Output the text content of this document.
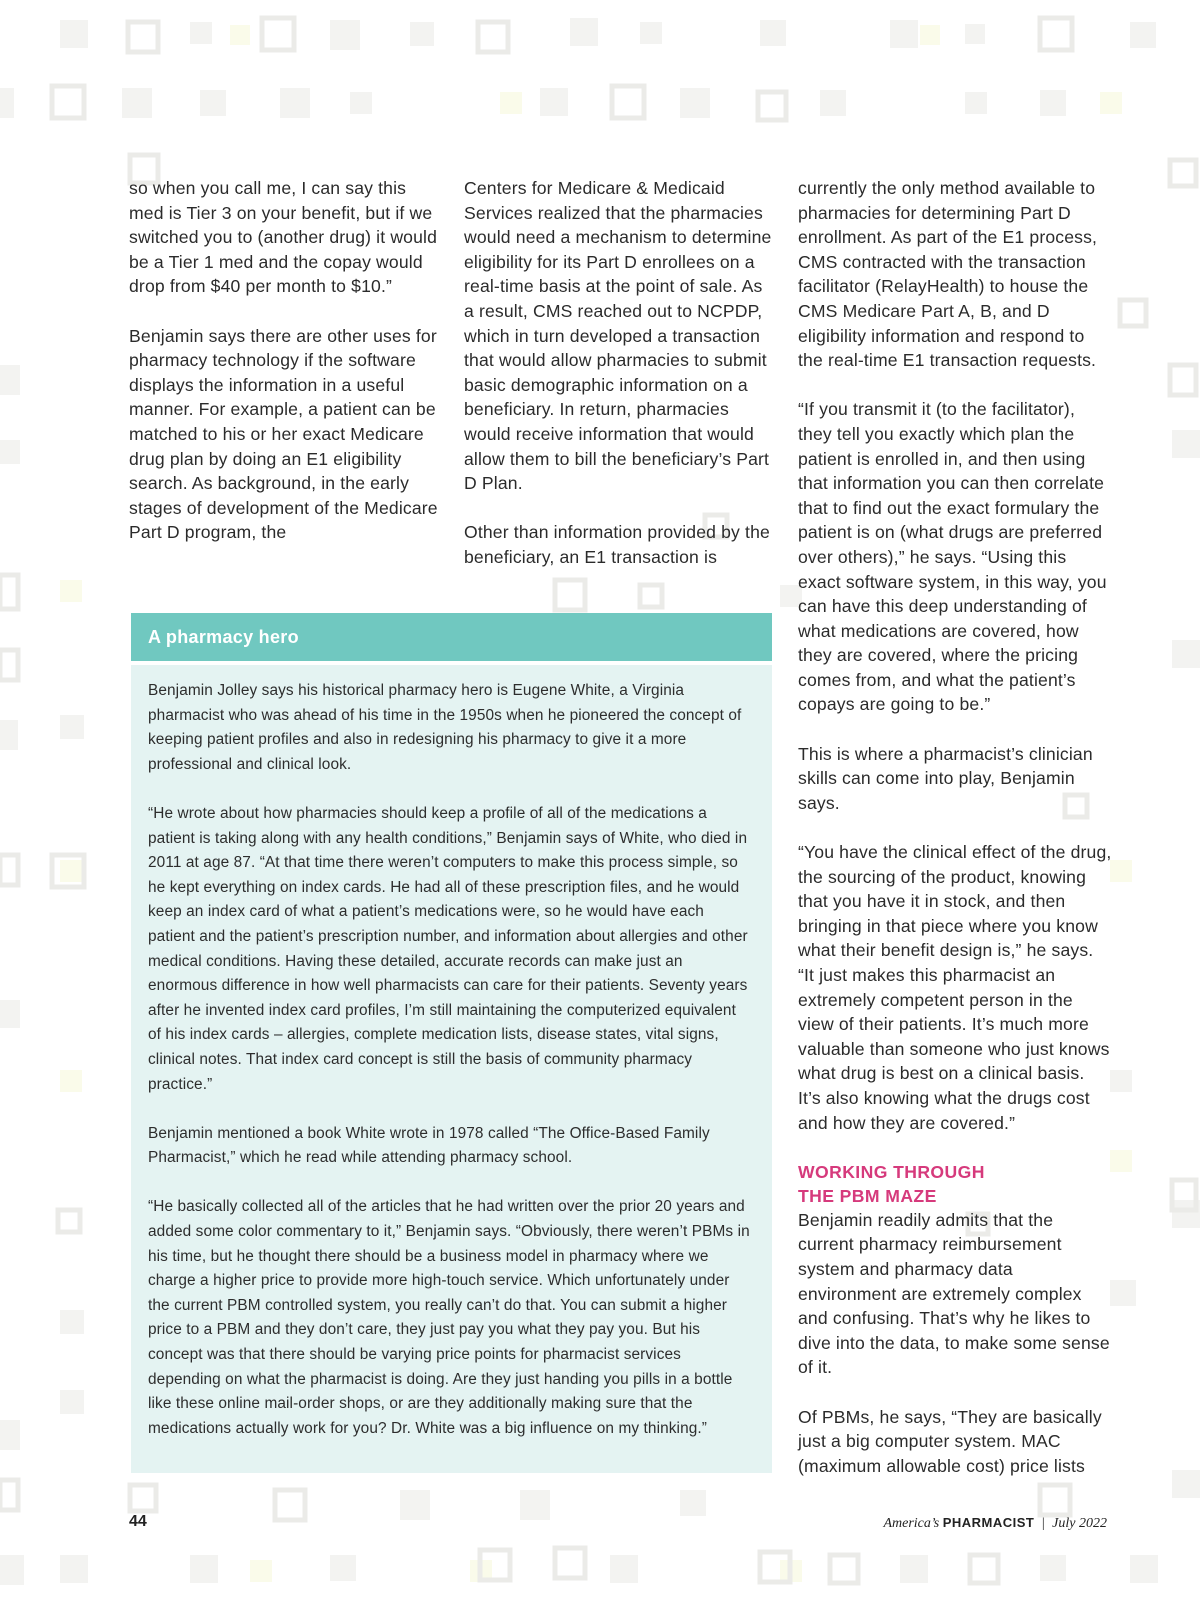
so when you call me, I can say this med is Tier 3 on your benefit, but if we switched you to (another drug) it would be a Tier 1 med and the copay would drop from $40 per month to $10.”

Benjamin says there are other uses for pharmacy technology if the software displays the information in a useful manner. For example, a patient can be matched to his or her exact Medicare drug plan by doing an E1 eligibility search. As background, in the early stages of development of the Medicare Part D program, the

Centers for Medicare & Medicaid Services realized that the pharmacies would need a mechanism to determine eligibility for its Part D enrollees on a real-time basis at the point of sale. As a result, CMS reached out to NCPDP, which in turn developed a transaction that would allow pharmacies to submit basic demographic information on a beneficiary. In return, pharmacies would receive information that would allow them to bill the beneficiary’s Part D Plan.

Other than information provided by the beneficiary, an E1 transaction is

currently the only method available to pharmacies for determining Part D enrollment. As part of the E1 process, CMS contracted with the transaction facilitator (RelayHealth) to house the CMS Medicare Part A, B, and D eligibility information and respond to the real-time E1 transaction requests.

“If you transmit it (to the facilitator), they tell you exactly which plan the patient is enrolled in, and then using that information you can then correlate that to find out the exact formulary the patient is on (what drugs are preferred over others),” he says. “Using this exact software system, in this way, you can have this deep understanding of what medications are covered, how they are covered, where the pricing comes from, and what the patient’s copays are going to be.”

This is where a pharmacist’s clinician skills can come into play, Benjamin says.

“You have the clinical effect of the drug, the sourcing of the product, knowing that you have it in stock, and then bringing in that piece where you know what their benefit design is,” he says. “It just makes this pharmacist an extremely competent person in the view of their patients. It’s much more valuable than someone who just knows what drug is best on a clinical basis. It’s also knowing what the drugs cost and how they are covered.”

WORKING THROUGH
THE PBM MAZE

Benjamin readily admits that the current pharmacy reimbursement system and pharmacy data environment are extremely complex and confusing. That’s why he likes to dive into the data, to make some sense of it.

Of PBMs, he says, “They are basically just a big computer system. MAC (maximum allowable cost) price lists

A pharmacy hero

Benjamin Jolley says his historical pharmacy hero is Eugene White, a Virginia pharmacist who was ahead of his time in the 1950s when he pioneered the concept of keeping patient profiles and also in redesigning his pharmacy to give it a more professional and clinical look.

“He wrote about how pharmacies should keep a profile of all of the medications a patient is taking along with any health conditions,” Benjamin says of White, who died in 2011 at age 87. “At that time there weren’t computers to make this process simple, so he kept everything on index cards. He had all of these prescription files, and he would keep an index card of what a patient’s medications were, so he would have each patient and the patient’s prescription number, and information about allergies and other medical conditions. Having these detailed, accurate records can make just an enormous difference in how well pharmacists can care for their patients. Seventy years after he invented index card profiles, I’m still maintaining the computerized equivalent of his index cards – allergies, complete medication lists, disease states, vital signs, clinical notes. That index card concept is still the basis of community pharmacy practice.”

Benjamin mentioned a book White wrote in 1978 called “The Office-Based Family Pharmacist,” which he read while attending pharmacy school.

“He basically collected all of the articles that he had written over the prior 20 years and added some color commentary to it,” Benjamin says. “Obviously, there weren’t PBMs in his time, but he thought there should be a business model in pharmacy where we charge a higher price to provide more high-touch service. Which unfortunately under the current PBM controlled system, you really can’t do that. You can submit a higher price to a PBM and they don’t care, they just pay you what they pay you. But his concept was that there should be varying price points for pharmacist services depending on what the pharmacist is doing. Are they just handing you pills in a bottle like these online mail-order shops, or are they additionally making sure that the medications actually work for you? Dr. White was a big influence on my thinking.”

44	America’s PHARMACIST | July 2022
